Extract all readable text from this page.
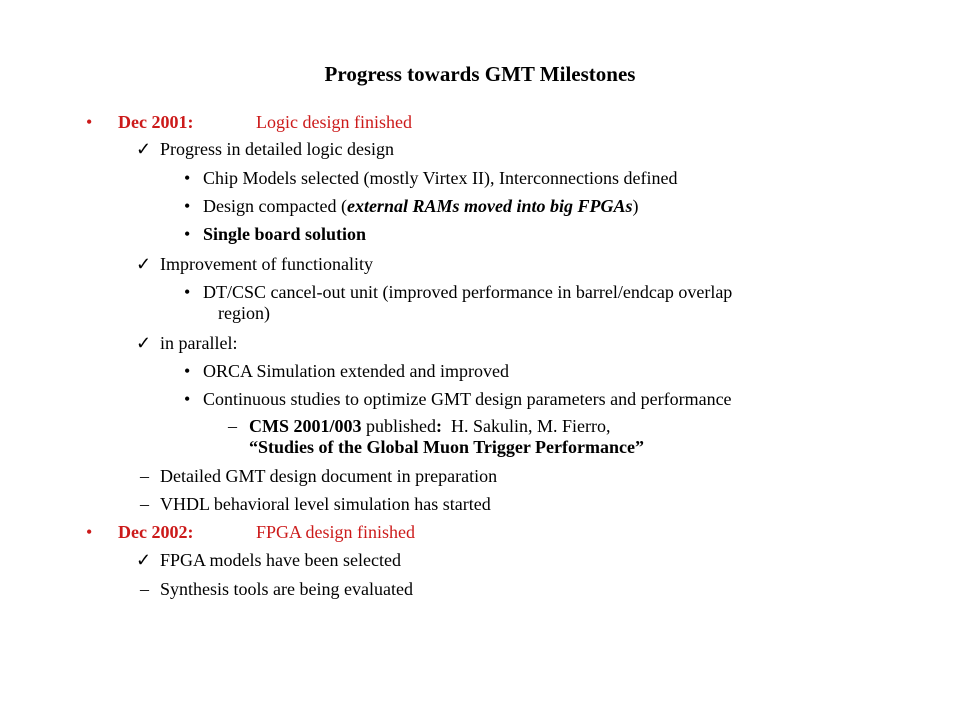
Progress towards GMT Milestones
• Dec 2001:	Logic design finished
✓ Progress in detailed logic design
• Chip Models selected (mostly Virtex II), Interconnections defined
• Design compacted (external RAMs moved into big FPGAs)
• Single board solution
✓ Improvement of functionality
• DT/CSC cancel-out unit (improved performance in barrel/endcap overlap
region)
✓ in parallel:
• ORCA Simulation extended and improved
• Continuous studies to optimize GMT design parameters and performance
– CMS 2001/003 published:  H. Sakulin, M. Fierro,
“Studies of the Global Muon Trigger Performance”
– Detailed GMT design document in preparation
– VHDL behavioral level simulation has started
• Dec 2002:	FPGA design finished
✓ FPGA models have been selected
– Synthesis tools are being evaluated
